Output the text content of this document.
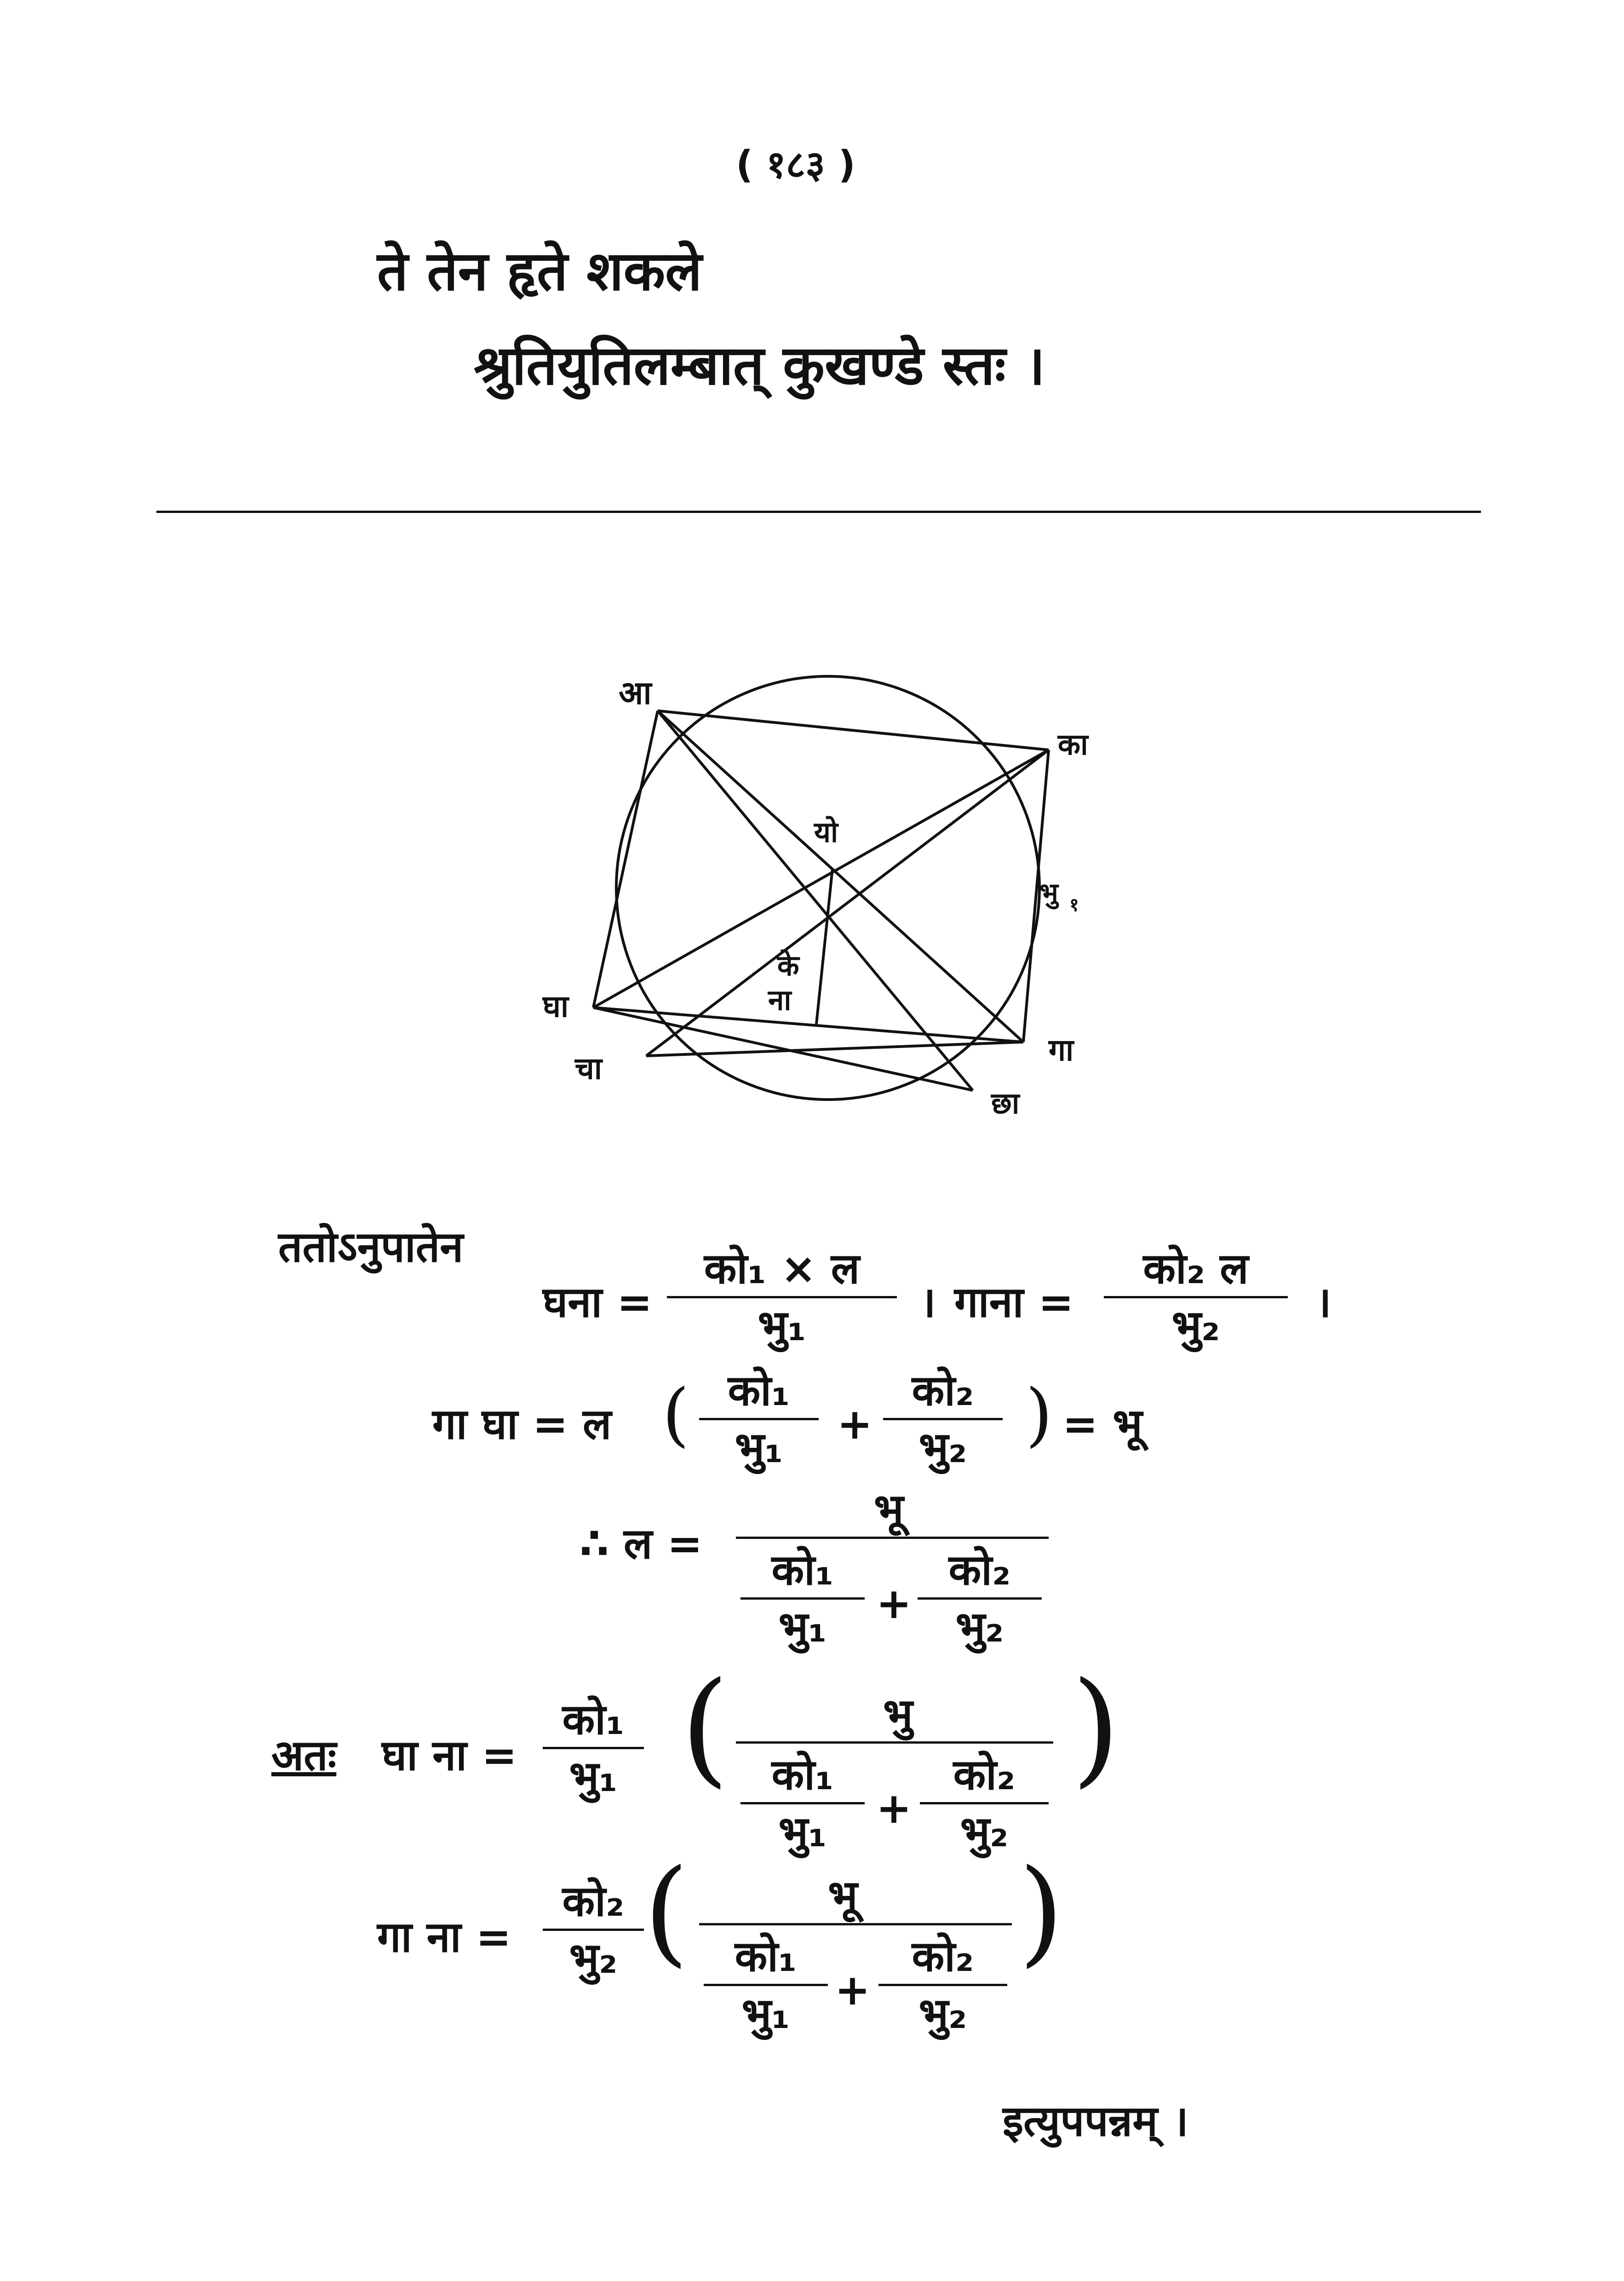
( १८३ )
ते तेन हृते शकले
श्रुतियुतिलम्बात् कुखण्डे स्तः ।
आ
का
यो
भु १
के
ना
घा
चा
गा
छा
ततोऽनुपातेन
घना =
को₁ × ल
भु₁	। गाना =
को₂ ल
भु₂	।
गा घा = ल ( को₁
भु₁	+
को₂
भु₂ ) = भू
∴ ल =
भू
को₁
भु₁	+
को₂
भु₂
अतः घा ना =
को₁
भु₁ (	भु
को₁
भु₁	+
को₂
भु₂
)
गा ना =
को₂
भु₂ (	भू
को₁
भु₁	+
को₂
भु₂
)
इत्युपपन्नम् ।
